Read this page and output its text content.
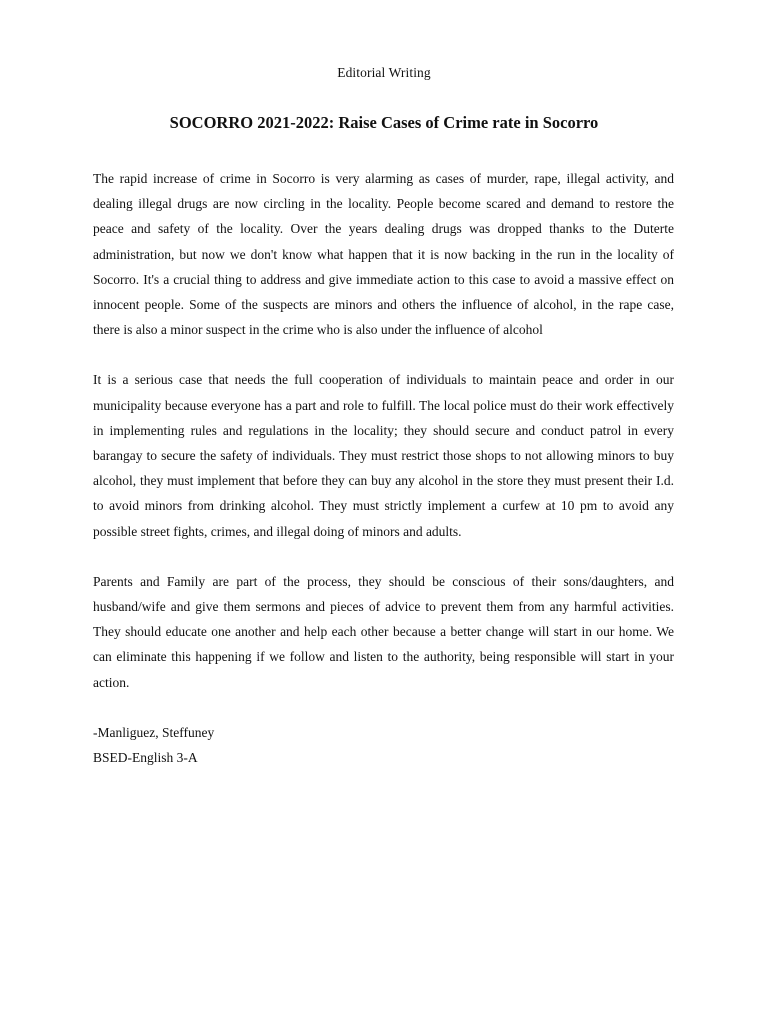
Editorial Writing
SOCORRO 2021-2022: Raise Cases of Crime rate in Socorro

The rapid increase of crime in Socorro is very alarming as cases of murder, rape, illegal activity, and dealing illegal drugs are now circling in the locality. People become scared and demand to restore the peace and safety of the locality. Over the years dealing drugs was dropped thanks to the Duterte administration, but now we don't know what happen that it is now backing in the run in the locality of Socorro. It's a crucial thing to address and give immediate action to this case to avoid a massive effect on innocent people. Some of the suspects are minors and others the influence of alcohol, in the rape case, there is also a minor suspect in the crime who is also under the influence of alcohol

It is a serious case that needs the full cooperation of individuals to maintain peace and order in our municipality because everyone has a part and role to fulfill. The local police must do their work effectively in implementing rules and regulations in the locality; they should secure and conduct patrol in every barangay to secure the safety of individuals. They must restrict those shops to not allowing minors to buy alcohol, they must implement that before they can buy any alcohol in the store they must present their I.d. to avoid minors from drinking alcohol. They must strictly implement a curfew at 10 pm to avoid any possible street fights, crimes, and illegal doing of minors and adults.

Parents and Family are part of the process, they should be conscious of their sons/daughters, and husband/wife and give them sermons and pieces of advice to prevent them from any harmful activities. They should educate one another and help each other because a better change will start in our home. We can eliminate this happening if we follow and listen to the authority, being responsible will start in your action.

-Manliguez, Steffuney
BSED-English 3-A
